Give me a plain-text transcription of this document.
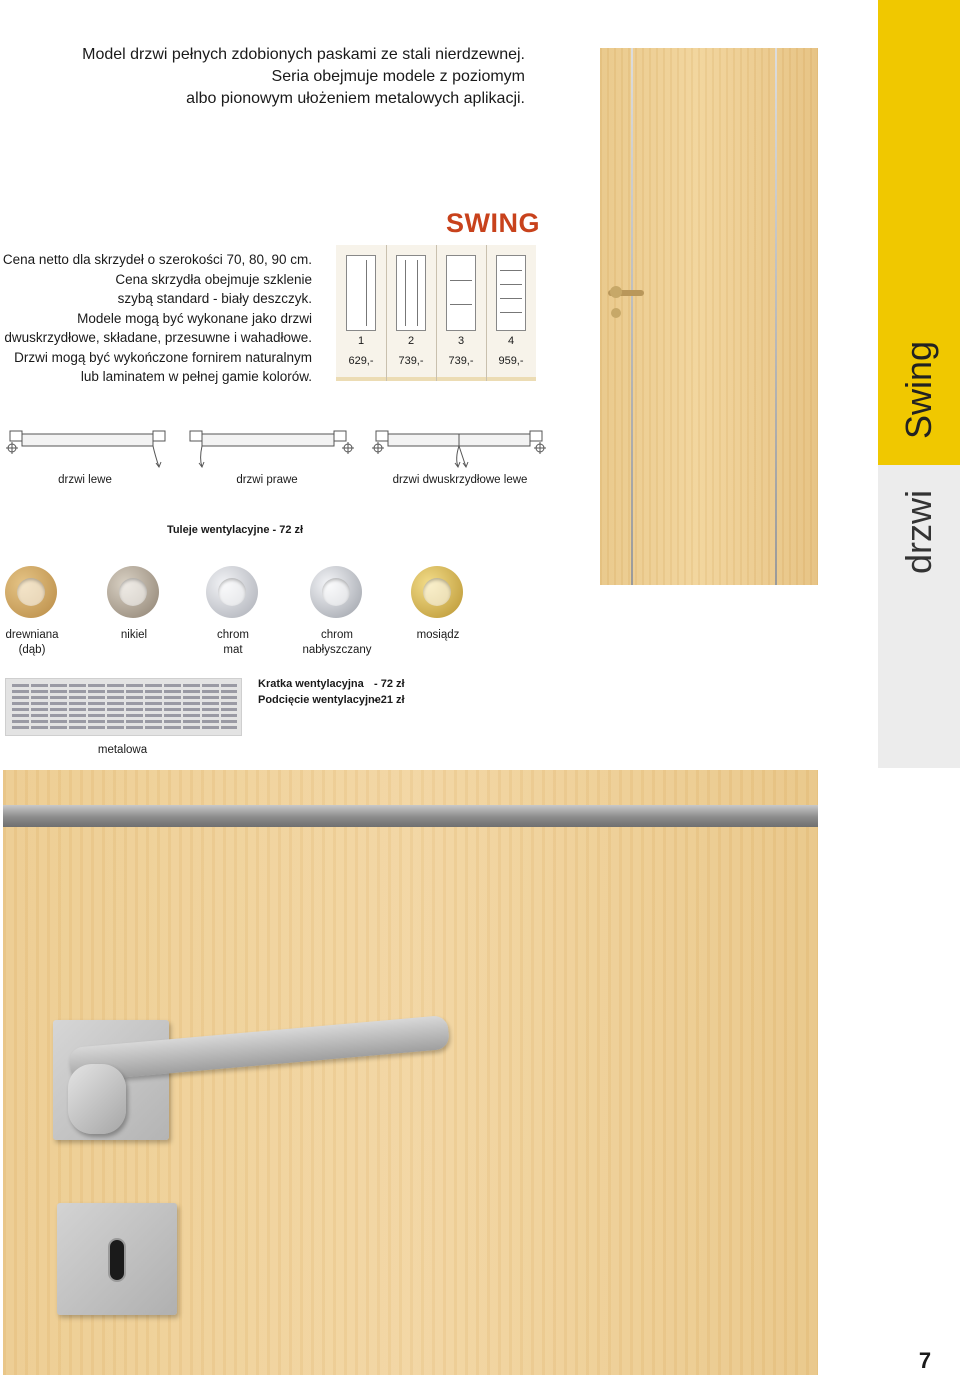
Model drzwi pełnych zdobionych paskami ze stali nierdzewnej.
Seria obejmuje modele z poziomym
albo pionowym ułożeniem metalowych aplikacji.
Cena netto dla skrzydeł o szerokości 70, 80, 90 cm.
Cena skrzydła obejmuje szklenie
szybą standard - biały deszczyk.
Modele mogą być wykonane jako drzwi
dwuskrzydłowe, składane, przesuwne i wahadłowe.
Drzwi mogą być wykończone fornirem naturalnym
lub laminatem w pełnej gamie kolorów.
SWING
1	2	3	4
629,-	739,-	739,-	959,-	Swing
drzwi
drzwi lewe	drzwi prawe	drzwi dwuskrzydłowe lewe
Tuleje wentylacyjne - 72 zł
drewniana
(dąb)
nikiel	chrom
mat
chrom
nabłyszczany
mosiądz
metalowa
Kratka wentylacyjna - 72 zł
Podcięcie wentylacyjne
- 21 zł
7
